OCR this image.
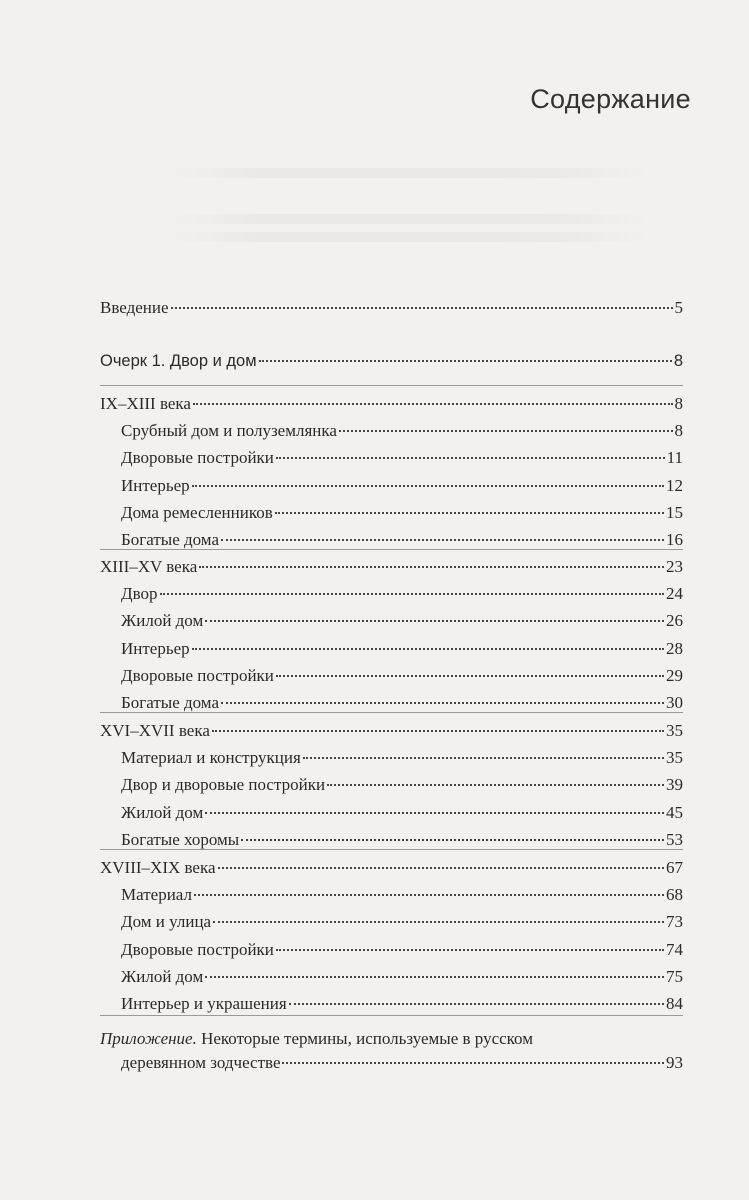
Содержание
Введение	5
Очерк 1. Двор и дом	8
IX–XIII века	8
Срубный дом и полуземлянка	8
Дворовые постройки	11
Интерьер	12
Дома ремесленников	15
Богатые дома	16
XIII–XV века	23
Двор	24
Жилой дом	26
Интерьер	28
Дворовые постройки	29
Богатые дома	30
XVI–XVII века	35
Материал и конструкция	35
Двор и дворовые постройки	39
Жилой дом	45
Богатые хоромы	53
XVIII–XIX века	67
Материал	68
Дом и улица	73
Дворовые постройки	74
Жилой дом	75
Интерьер и украшения	84
Приложение. Некоторые термины, используемые в русском
деревянном зодчестве	93
